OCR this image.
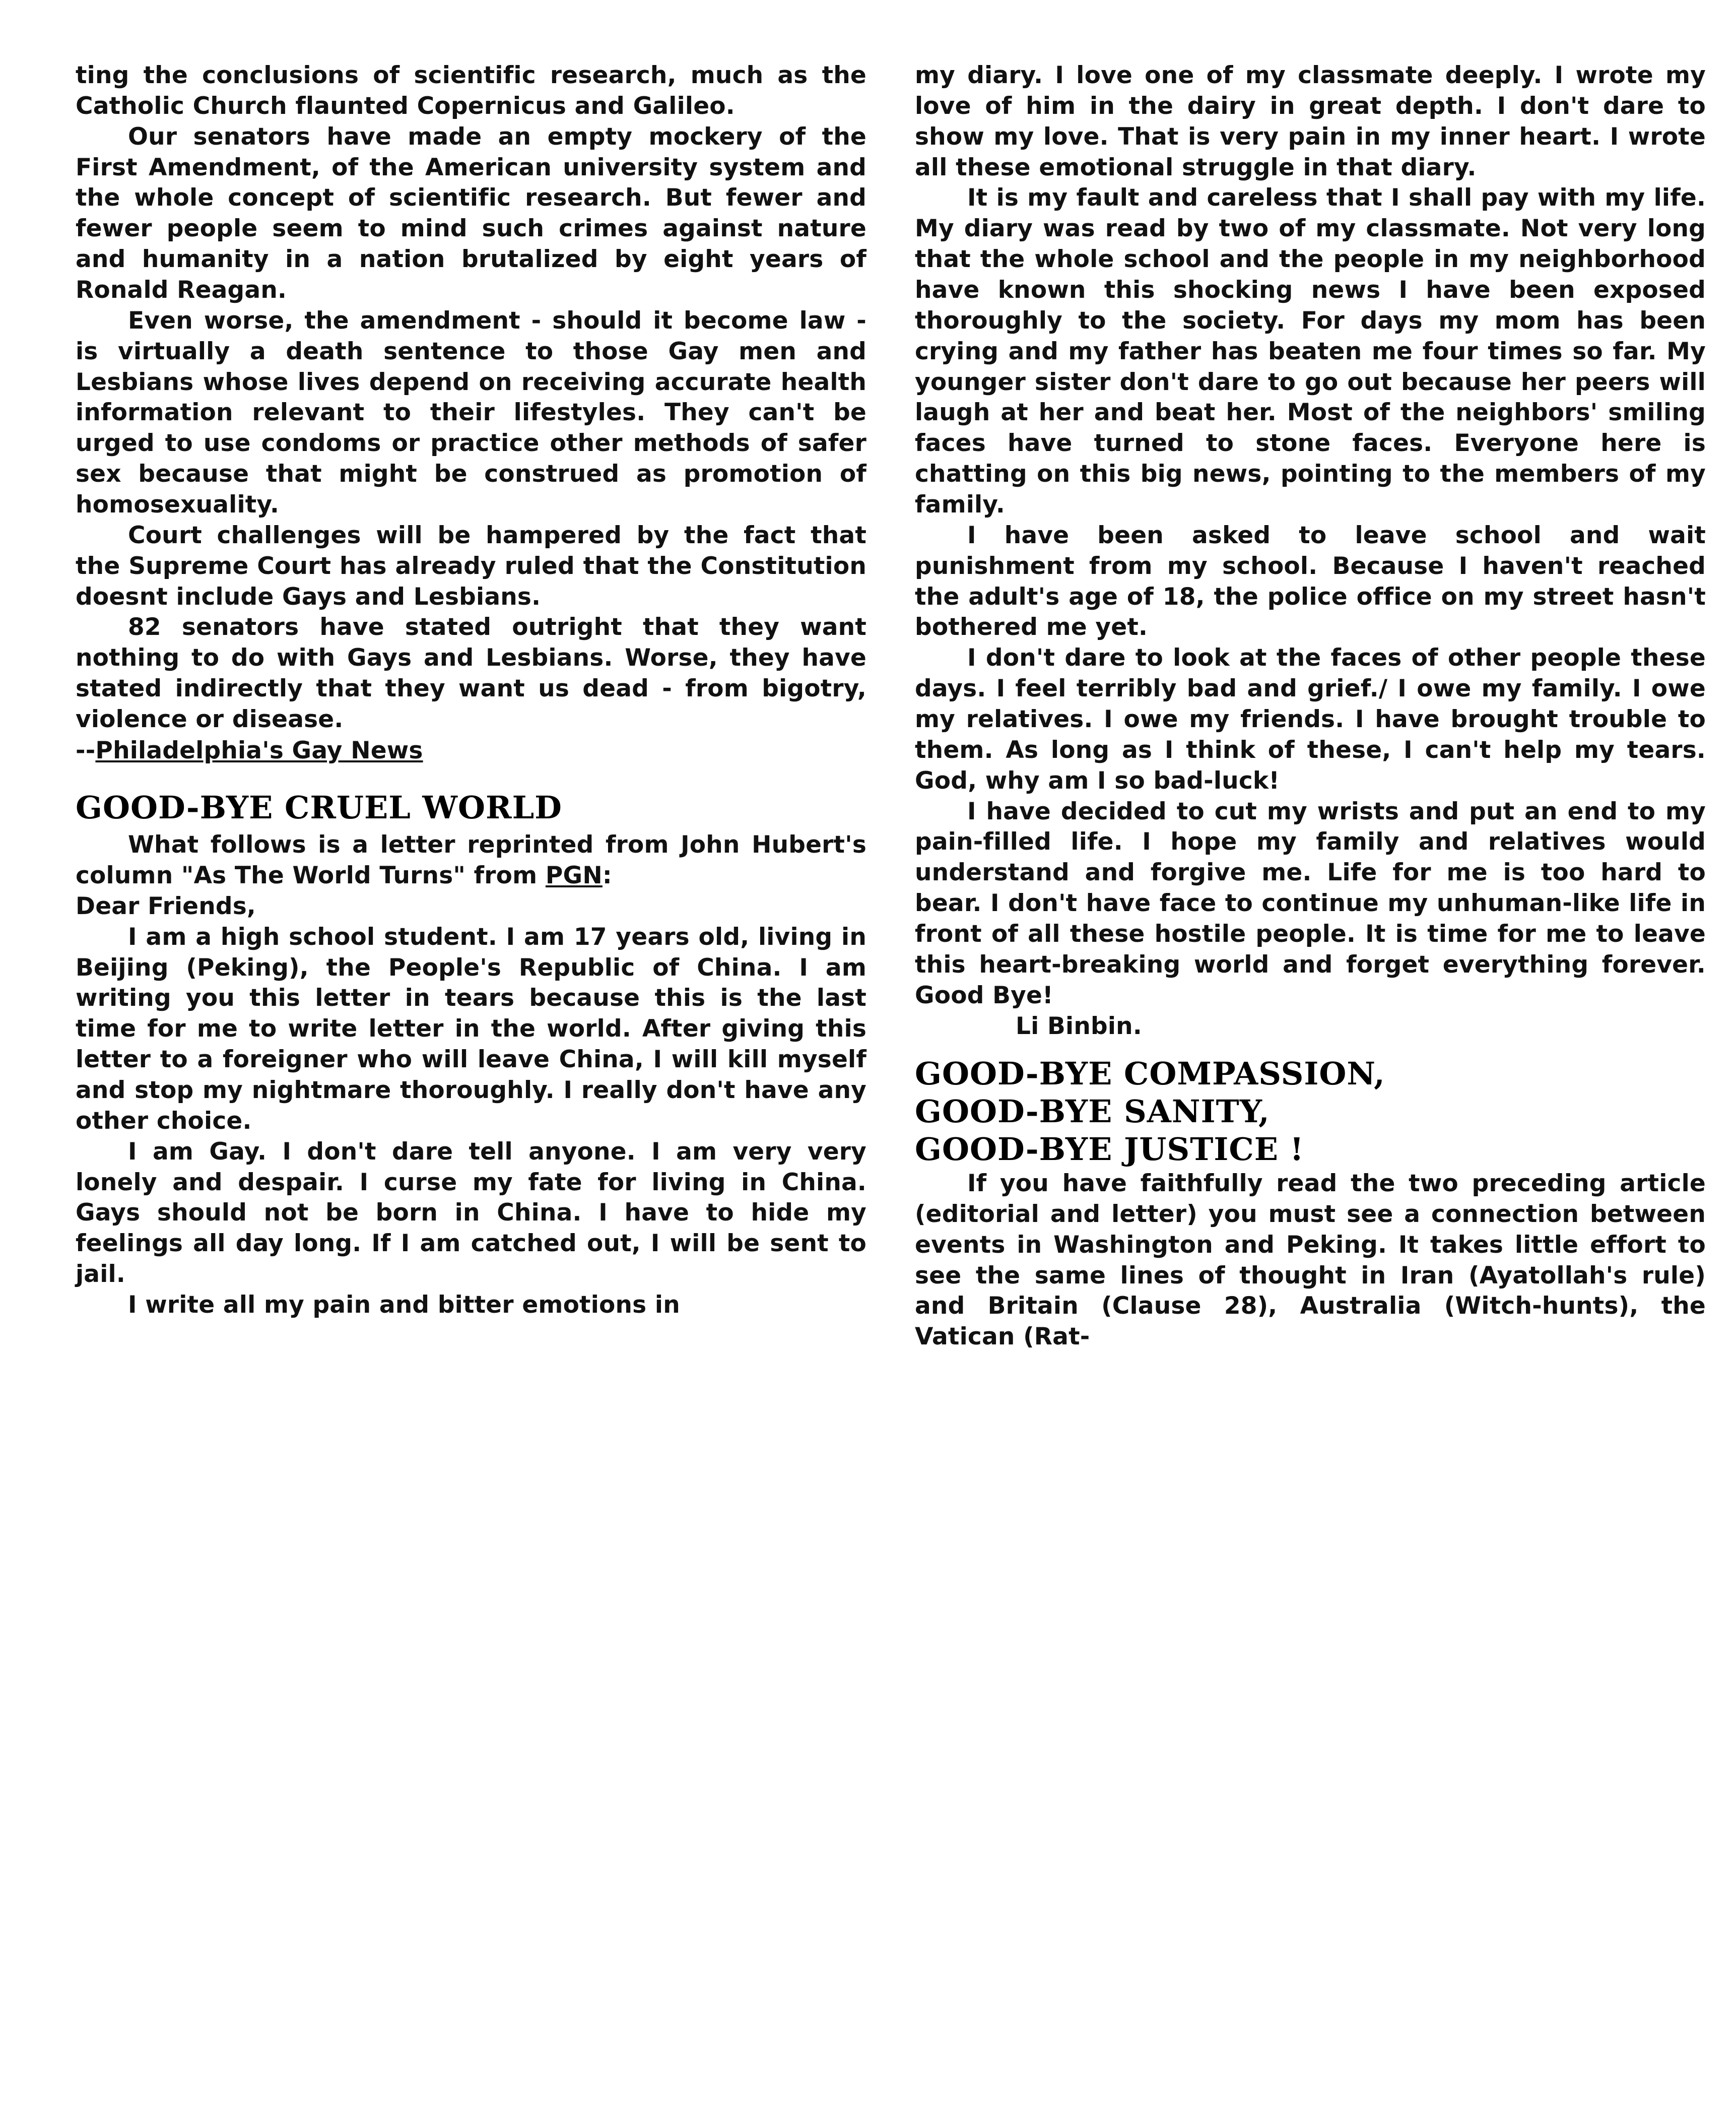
ting the conclusions of scientific research, much as the Catholic Church flaunted Copernicus and Galileo.

Our senators have made an empty mockery of the First Amendment, of the American university system and the whole concept of scientific research. But fewer and fewer people seem to mind such crimes against nature and humanity in a nation brutalized by eight years of Ronald Reagan.

Even worse, the amendment - should it become law - is virtually a death sentence to those Gay men and Lesbians whose lives depend on receiving accurate health information relevant to their lifestyles. They can't be urged to use condoms or practice other methods of safer sex because that might be construed as promotion of homosexuality.

Court challenges will be hampered by the fact that the Supreme Court has already ruled that the Constitution doesnt include Gays and Lesbians.

82 senators have stated outright that they want nothing to do with Gays and Lesbians. Worse, they have stated indirectly that they want us dead - from bigotry, violence or disease.

--Philadelphia's Gay News

GOOD-BYE CRUEL WORLD

What follows is a letter reprinted from John Hubert's column "As The World Turns" from PGN:

Dear Friends,

I am a high school student. I am 17 years old, living in Beijing (Peking), the People's Republic of China. I am writing you this letter in tears because this is the last time for me to write letter in the world. After giving this letter to a foreigner who will leave China, I will kill myself and stop my nightmare thoroughly. I really don't have any other choice.

I am Gay. I don't dare tell anyone. I am very very lonely and despair. I curse my fate for living in China. Gays should not be born in China. I have to hide my feelings all day long. If I am catched out, I will be sent to jail.

I write all my pain and bitter emotions in

my diary. I love one of my classmate deeply. I wrote my love of him in the dairy in great depth. I don't dare to show my love. That is very pain in my inner heart. I wrote all these emotional struggle in that diary.

It is my fault and careless that I shall pay with my life. My diary was read by two of my classmate. Not very long that the whole school and the people in my neighborhood have known this shocking news I have been exposed thoroughly to the society. For days my mom has been crying and my father has beaten me four times so far. My younger sister don't dare to go out because her peers will laugh at her and beat her. Most of the neighbors' smiling faces have turned to stone faces. Everyone here is chatting on this big news, pointing to the members of my family.

I have been asked to leave school and wait punishment from my school. Because I haven't reached the adult's age of 18, the police office on my street hasn't bothered me yet.

I don't dare to look at the faces of other people these days. I feel terribly bad and grief./ I owe my family. I owe my relatives. I owe my friends. I have brought trouble to them. As long as I think of these, I can't help my tears. God, why am I so bad-luck!

I have decided to cut my wrists and put an end to my pain-filled life. I hope my family and relatives would understand and forgive me. Life for me is too hard to bear. I don't have face to continue my unhuman-like life in front of all these hostile people. It is time for me to leave this heart-breaking world and forget everything forever. Good Bye!

Li Binbin.

GOOD-BYE COMPASSION,
GOOD-BYE SANITY,
GOOD-BYE JUSTICE !

If you have faithfully read the two preceding article (editorial and letter) you must see a connection between events in Washington and Peking. It takes little effort to see the same lines of thought in Iran (Ayatollah's rule) and Britain (Clause 28), Australia (Witch-hunts), the Vatican (Rat-
